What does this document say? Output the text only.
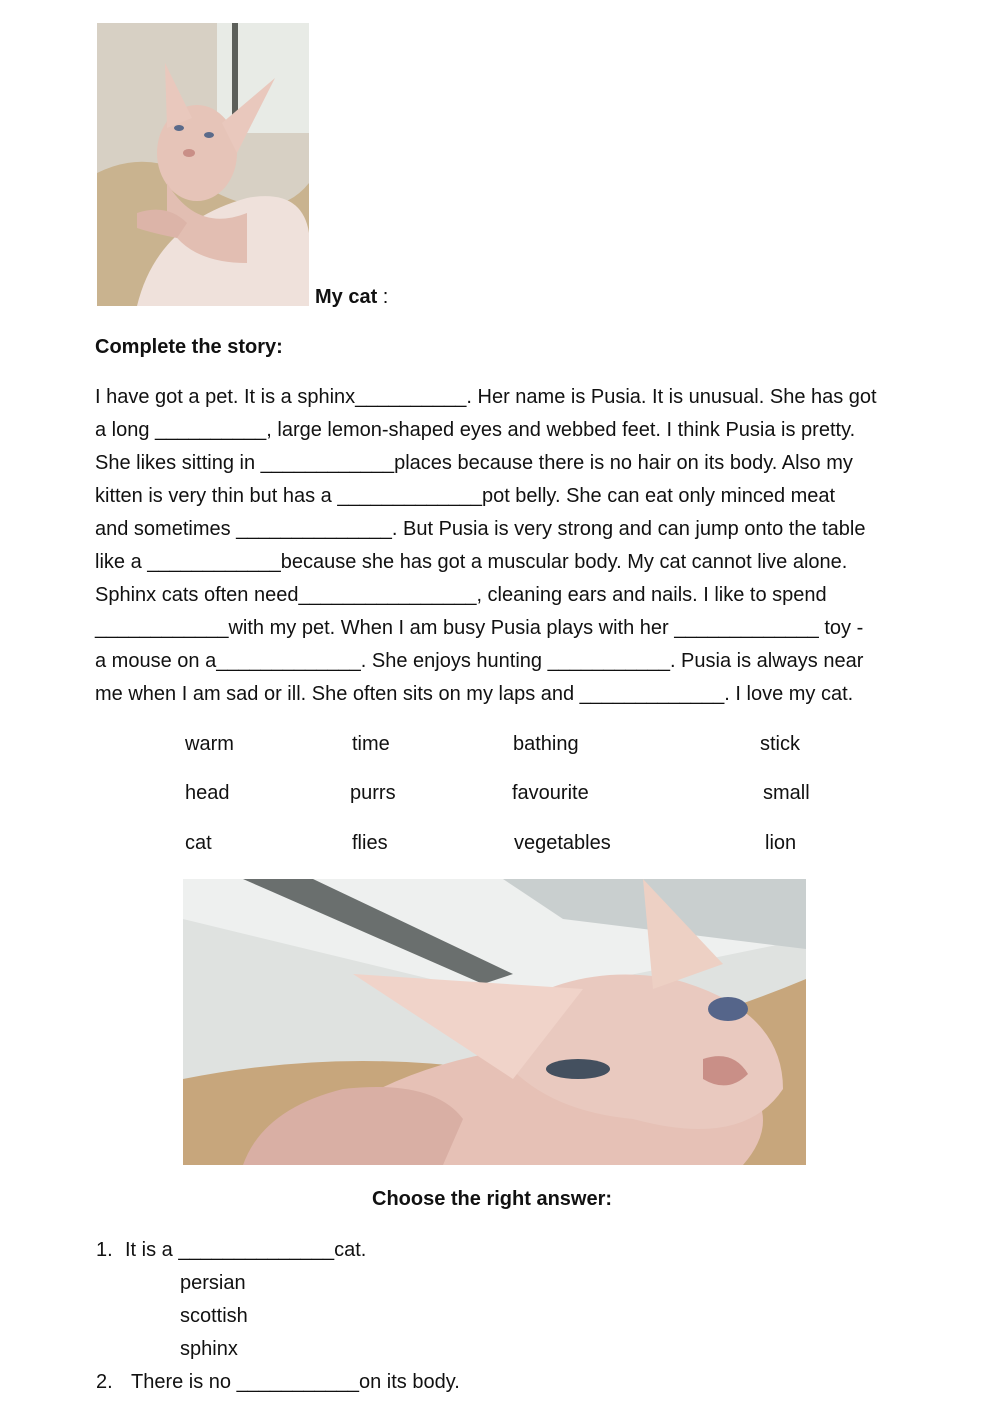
My cat :
Complete the story:
I have got a pet. It is a sphinx__________. Her name is Pusia. It is unusual. She has got
a long __________, large lemon-shaped eyes and webbed feet. I think Pusia is pretty.
She likes sitting in ____________places because there is no hair on its body. Also my
kitten is very thin but has a _____________pot belly. She can eat only minced meat
and sometimes ______________. But Pusia is very strong and can jump onto the table
like a ____________because she has got a muscular body. My cat cannot live alone.
Sphinx cats often need________________, cleaning ears and nails. I like to spend
____________with my pet. When I am busy Pusia plays with her _____________ toy -
a mouse on a_____________. She enjoys hunting ___________. Pusia is always near
me when I am sad or ill. She often sits on my laps and _____________. I love my cat.
warm	time	bathing	stick
head	purrs	favourite	small
cat	flies	vegetables	lion
Choose the right answer:
1. It is a ______________cat.
persian
scottish
sphinx
2. There is no ___________on its body.
